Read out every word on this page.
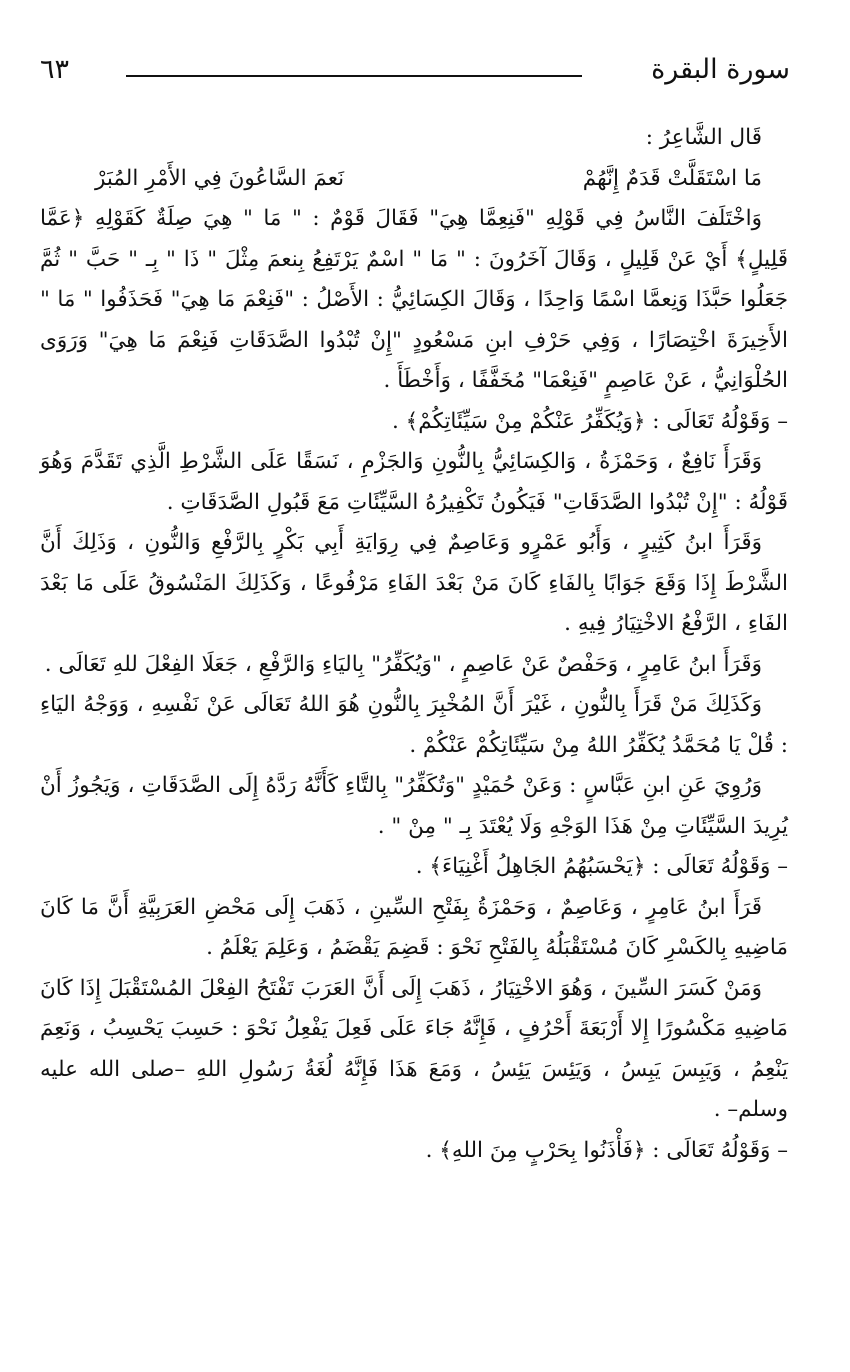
سورة البقرة
٦٣

قَال الشَّاعِرُ :

مَا اسْتَقَلَّتْ قَدَمٌ إِنَّهُمْ
نَعمَ السَّاعُونَ فِي الأَمْرِ المُبَرْ

وَاخْتَلَفَ النَّاسُ فِي قَوْلِهِ "فَنِعِمَّا هِيَ" فَقَالَ قَوْمٌ : " مَا " هِيَ صِلَةٌ كَقَوْلِهِ ﴿عَمَّا قَلِيلٍ﴾ أَيْ عَنْ قَلِيلٍ ، وَقَالَ آخَرُونَ : " مَا " اسْمٌ يَرْتَفِعُ بِنعمَ مِثْلَ " ذَا " بِـ " حَبَّ " ثُمَّ جَعَلُوا حَبَّذَا وَنِعمَّا اسْمًا وَاحِدًا ، وَقَالَ الكِسَائِيُّ : الأَصْلُ : "فَنِعْمَ مَا هِيَ" فَحَذَفُوا " مَا " الأَخِيرَةَ اخْتِصَارًا ، وَفِي حَرْفِ ابنِ مَسْعُودٍ "إِنْ تُبْدُوا الصَّدَقَاتِ فَنِعْمَ مَا هِيَ" وَرَوَى الحُلْوَانِيُّ ، عَنْ عَاصِمٍ "فَنِعْمَا" مُخَفَّفًا ، وَأَخْطَأَ .

– وَقَوْلُهُ تَعَالَى : ﴿وَيُكَفِّرُ عَنْكُمْ مِنْ سَيِّئَاتِكُمْ﴾ .

وَقَرَأَ نَافِعٌ ، وَحَمْزَةُ ، وَالكِسَائِيُّ بِالنُّونِ وَالجَزْمِ ، نَسَقًا عَلَى الشَّرْطِ الَّذِي تَقَدَّمَ وَهُوَ قَوْلُهُ : "إِنْ تُبْدُوا الصَّدَقَاتِ" فَيَكُونُ تَكْفِيرُهُ السَّيِّئَاتِ مَعَ قَبُولِ الصَّدَقَاتِ .

وَقَرَأَ ابنُ كَثِيرٍ ، وَأَبُو عَمْرٍو وَعَاصِمٌ فِي رِوَايَةِ أَبِي بَكْرٍ بِالرَّفْعِ وَالنُّونِ ، وَذَلِكَ أَنَّ الشَّرْطَ إِذَا وَقَعَ جَوَابًا بِالفَاءِ كَانَ مَنْ بَعْدَ الفَاءِ مَرْفُوعًا ، وَكَذَلِكَ المَنْسُوقُ عَلَى مَا بَعْدَ الفَاءِ ، الرَّفْعُ الاخْتِيَارُ فِيهِ .

وَقَرَأَ ابنُ عَامِرٍ ، وَحَفْصٌ عَنْ عَاصِمٍ ، "وَيُكَفِّرُ" بِاليَاءِ وَالرَّفْعِ ، جَعَلَا الفِعْلَ للهِ تَعَالَى .

وَكَذَلِكَ مَنْ قَرَأَ بِالنُّونِ ، غَيْرَ أَنَّ المُخْبِرَ بِالنُّونِ هُوَ اللهُ تَعَالَى عَنْ نَفْسِهِ ، وَوَجْهُ اليَاءِ : قُلْ يَا مُحَمَّدُ يُكَفِّرُ اللهُ مِنْ سَيِّئَاتِكُمْ عَنْكُمْ .

وَرُوِيَ عَنِ ابنِ عَبَّاسٍ : وَعَنْ حُمَيْدٍ "وَتُكَفِّرُ" بِالتَّاءِ كَأَنَّهُ رَدَّهُ إِلَى الصَّدَقَاتِ ، وَيَجُوزُ أَنْ يُرِيدَ السَّيِّئَاتِ مِنْ هَذَا الوَجْهِ وَلَا يُعْتَدَ بِـ " مِنْ " .

– وَقَوْلُهُ تَعَالَى : ﴿يَحْسَبُهُمُ الجَاهِلُ أَغْنِيَاءَ﴾ .

قَرَأَ ابنُ عَامِرٍ ، وَعَاصِمٌ ، وَحَمْزَةُ بِفَتْحِ السِّينِ ، ذَهَبَ إِلَى مَحْضِ العَرَبِيَّةِ أَنَّ مَا كَانَ مَاضِيهِ بِالكَسْرِ كَانَ مُسْتَقْبَلُهُ بِالفَتْحِ نَحْوَ : قَضِمَ يَقْضَمُ ، وَعَلِمَ يَعْلَمُ .

وَمَنْ كَسَرَ السِّينَ ، وَهُوَ الاخْتِيَارُ ، ذَهَبَ إِلَى أَنَّ العَرَبَ تَفْتَحُ الفِعْلَ المُسْتَقْبَلَ إِذَا كَانَ مَاضِيهِ مَكْسُورًا إِلا أَرْبَعَةَ أَحْرُفٍ ، فَإِنَّهُ جَاءَ عَلَى فَعِلَ يَفْعِلُ نَحْوَ : حَسِبَ يَحْسِبُ ، وَنَعِمَ يَنْعِمُ ، وَيَبِسَ يَبِسُ ، وَيَئِسَ يَئِسُ ، وَمَعَ هَذَا فَإِنَّهُ لُغَةُ رَسُولِ اللهِ –صلى الله عليه وسلم– .

– وَقَوْلُهُ تَعَالَى : ﴿فَأْذَنُوا بِحَرْبٍ مِنَ اللهِ﴾ .
